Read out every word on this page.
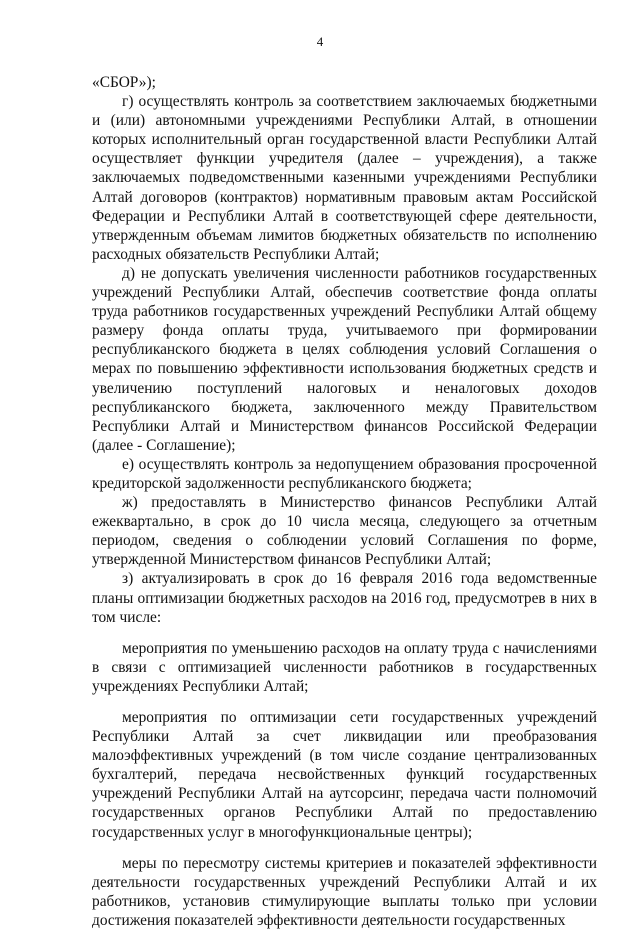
4

«СБОР»);

г) осуществлять контроль за соответствием заключаемых бюджетными и (или) автономными учреждениями Республики Алтай, в отношении которых исполнительный орган государственной власти Республики Алтай осуществляет функции учредителя (далее – учреждения), а также заключаемых подведомственными казенными учреждениями Республики Алтай договоров (контрактов) нормативным правовым актам Российской Федерации и Республики Алтай в соответствующей сфере деятельности, утвержденным объемам лимитов бюджетных обязательств по исполнению расходных обязательств Республики Алтай;

д) не допускать увеличения численности работников государственных учреждений Республики Алтай, обеспечив соответствие фонда оплаты труда работников государственных учреждений Республики Алтай общему размеру фонда оплаты труда, учитываемого при формировании республиканского бюджета в целях соблюдения условий Соглашения о мерах по повышению эффективности использования бюджетных средств и увеличению поступлений налоговых и неналоговых доходов республиканского бюджета, заключенного между Правительством Республики Алтай и Министерством финансов Российской Федерации (далее - Соглашение);

е) осуществлять контроль за недопущением образования просроченной кредиторской задолженности республиканского бюджета;

ж) предоставлять в Министерство финансов Республики Алтай ежеквартально, в срок до 10 числа месяца, следующего за отчетным периодом, сведения о соблюдении условий Соглашения по форме, утвержденной Министерством финансов Республики Алтай;

з) актуализировать в срок до 16 февраля 2016 года ведомственные планы оптимизации бюджетных расходов на 2016 год, предусмотрев в них в том числе:

мероприятия по уменьшению расходов на оплату труда с начислениями в связи с оптимизацией численности работников в государственных учреждениях Республики Алтай;

мероприятия по оптимизации сети государственных учреждений Республики Алтай за счет ликвидации или преобразования малоэффективных учреждений (в том числе создание централизованных бухгалтерий, передача несвойственных функций государственных учреждений Республики Алтай на аутсорсинг, передача части полномочий государственных органов Республики Алтай по предоставлению государственных услуг в многофункциональные центры);

меры по пересмотру системы критериев и показателей эффективности деятельности государственных учреждений Республики Алтай и их работников, установив стимулирующие выплаты только при условии достижения показателей эффективности деятельности государственных
